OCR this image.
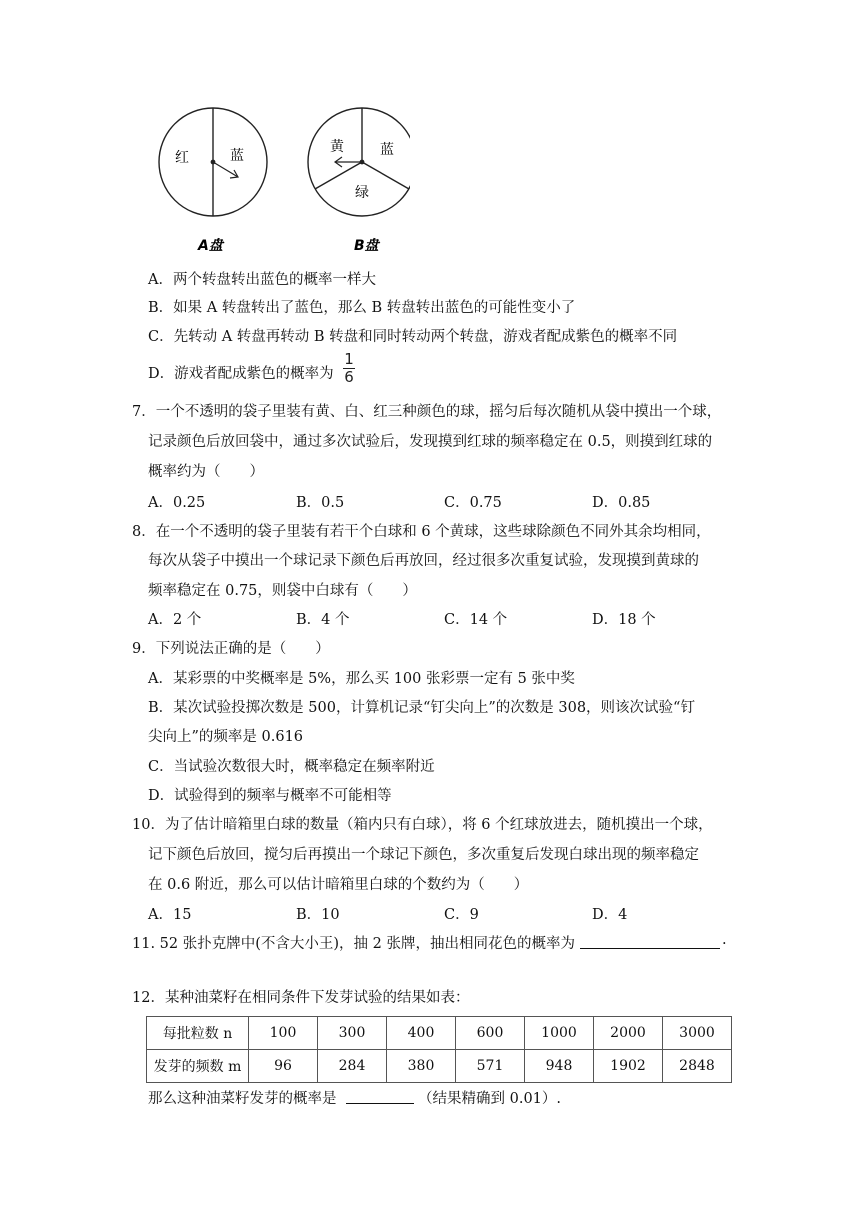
红	蓝
A盘
黄	蓝
绿
B盘
A．两个转盘转出蓝色的概率一样大
B．如果 A 转盘转出了蓝色，那么 B 转盘转出蓝色的可能性变小了
C．先转动 A 转盘再转动 B 转盘和同时转动两个转盘，游戏者配成紫色的概率不同
D．游戏者配成紫色的概率为
1
6
7．一个不透明的袋子里装有黄、白、红三种颜色的球，摇匀后每次随机从袋中摸出一个球，
记录颜色后放回袋中，通过多次试验后，发现摸到红球的频率稳定在 0.5，则摸到红球的
概率约为（　　）
A．0.25	B．0.5	C．0.75	D．0.85
8．在一个不透明的袋子里装有若干个白球和 6 个黄球，这些球除颜色不同外其余均相同，
每次从袋子中摸出一个球记录下颜色后再放回，经过很多次重复试验，发现摸到黄球的
频率稳定在 0.75，则袋中白球有（　　）
A．2 个	B．4 个	C．14 个	D．18 个
9．下列说法正确的是（　　）
A．某彩票的中奖概率是 5%，那么买 100 张彩票一定有 5 张中奖
B．某次试验投掷次数是 500，计算机记录“钉尖向上”的次数是 308，则该次试验“钉
尖向上”的频率是 0.616
C．当试验次数很大时，概率稳定在频率附近
D．试验得到的频率与概率不可能相等
10．为了估计暗箱里白球的数量（箱内只有白球），将 6 个红球放进去，随机摸出一个球，
记下颜色后放回，搅匀后再摸出一个球记下颜色，多次重复后发现白球出现的频率稳定
在 0.6 附近，那么可以估计暗箱里白球的个数约为（　　）
A．15	B．10	C．9	D．4
11. 52 张扑克牌中(不含大小王)，抽 2 张牌，抽出相同花色的概率为	.
12．某种油菜籽在相同条件下发芽试验的结果如表：
每批粒数 n	100	300	400	600	1000	2000	3000
发芽的频数 m	96	284	380	571	948	1902	2848
那么这种油菜籽发芽的概率是	（结果精确到 0.01）.
